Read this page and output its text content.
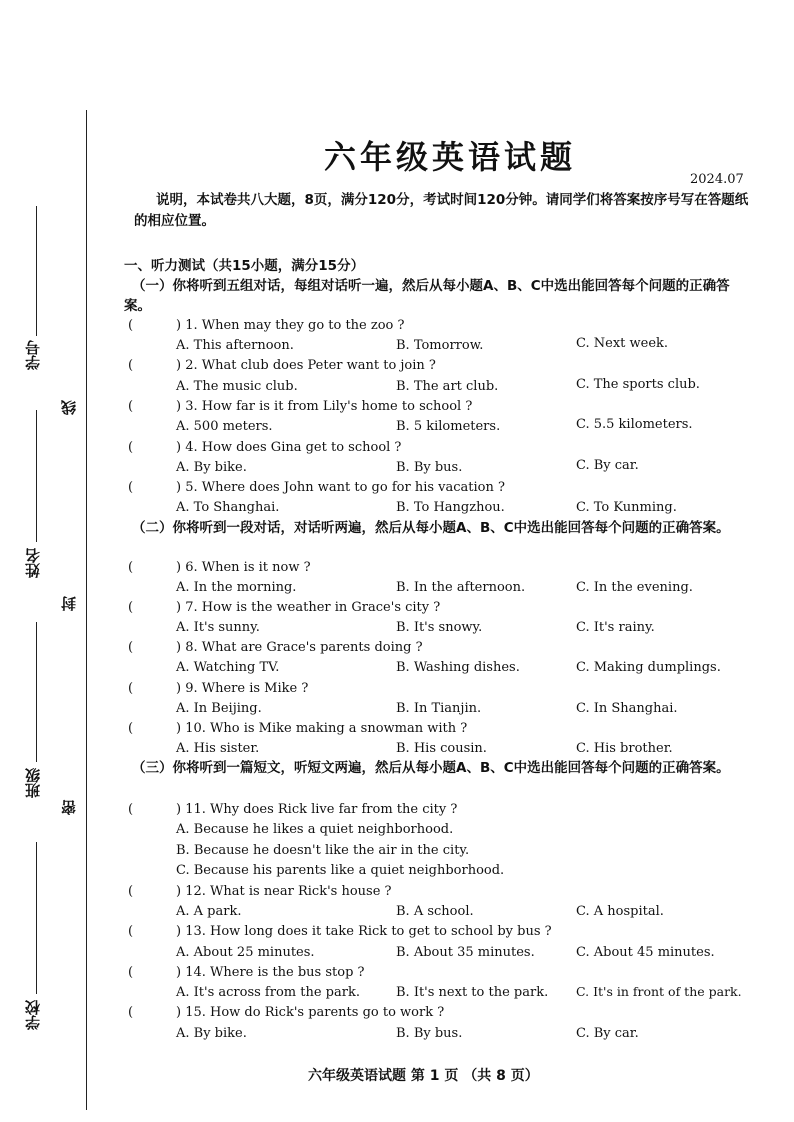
学号
姓名
班级
学校
线
封
密
六年级英语试题
2024.07
说明，本试卷共八大题，8页，满分120分，考试时间120分钟。请同学们将答案按序号写在答题纸的相应位置。
一、听力测试（共15小题，满分15分）
（一）你将听到五组对话，每组对话听一遍，然后从每小题A、B、C中选出能回答每个问题的正确答案。
(	) 1. When may they go to the zoo ?
A. This afternoon.	B. Tomorrow.	C. Next week.
(	) 2. What club does Peter want to join ?
A. The music club.	B. The art club.	C. The sports club.
(	) 3. How far is it from Lily's home to school ?
A. 500 meters.	B. 5 kilometers.	C. 5.5 kilometers.
(	) 4. How does Gina get to school ?
A. By bike.	B. By bus.	C. By car.
(	) 5. Where does John want to go for his vacation ?
A. To Shanghai.	B. To Hangzhou.	C. To Kunming.
（二）你将听到一段对话，对话听两遍，然后从每小题A、B、C中选出能回答每个问题的正确答案。
(	) 6. When is it now ?
A. In the morning.	B. In the afternoon.	C. In the evening.
(	) 7. How is the weather in Grace's city ?
A. It's sunny.	B. It's snowy.	C. It's rainy.
(	) 8. What are Grace's parents doing ?
A. Watching TV.	B. Washing dishes.	C. Making dumplings.
(	) 9. Where is Mike ?
A. In Beijing.	B. In Tianjin.	C. In Shanghai.
(	) 10. Who is Mike making a snowman with ?
A. His sister.	B. His cousin.	C. His brother.
（三）你将听到一篇短文，听短文两遍，然后从每小题A、B、C中选出能回答每个问题的正确答案。
(	) 11. Why does Rick live far from the city ?
A. Because he likes a quiet neighborhood.
B. Because he doesn't like the air in the city.
C. Because his parents like a quiet neighborhood.
(	) 12. What is near Rick's house ?
A. A park.	B. A school.	C. A hospital.
(	) 13. How long does it take Rick to get to school by bus ?
A. About 25 minutes.	B. About 35 minutes.	C. About 45 minutes.
(	) 14. Where is the bus stop ?
A. It's across from the park.	B. It's next to the park. C. It's in front of the park.
(	) 15. How do Rick's parents go to work ?
A. By bike.	B. By bus.	C. By car.
六年级英语试题 第 1 页 （共 8 页）
